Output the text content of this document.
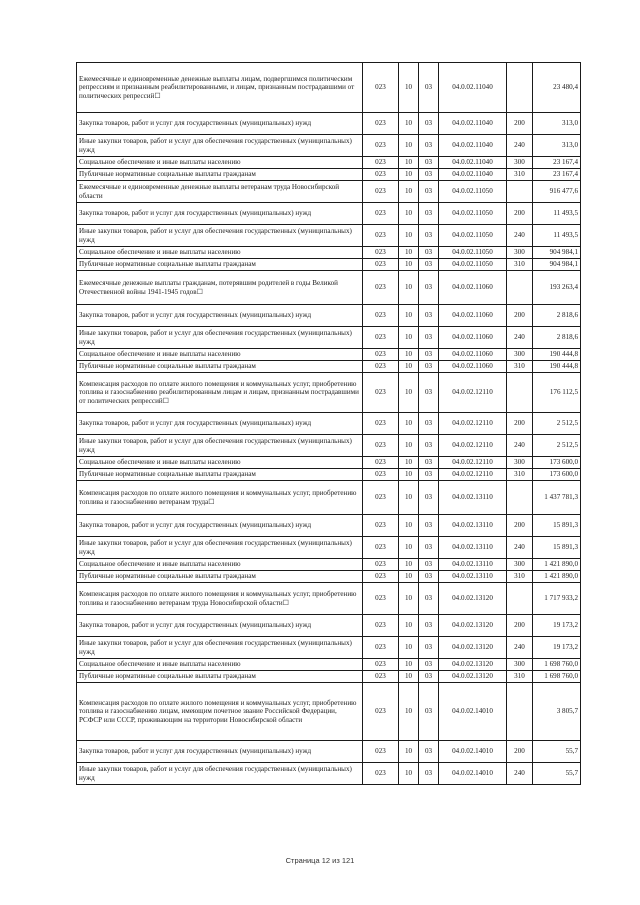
Ежемесячные и единовременные денежные выплаты лицам, подвергшимся политическим репрессиям и признанным реабилитированными, и лицам, признанным пострадавшими от политических репрессий☐	023	10	03	04.0.02.11040		23 480,4
Закупка товаров, работ и услуг для государственных (муниципальных) нужд	023	10	03	04.0.02.11040	200	313,0
Иные закупки товаров, работ и услуг для обеспечения государственных (муниципальных) нужд	023	10	03	04.0.02.11040	240	313,0
Социальное обеспечение и иные выплаты населению	023	10	03	04.0.02.11040	300	23 167,4
Публичные нормативные социальные выплаты гражданам	023	10	03	04.0.02.11040	310	23 167,4
Ежемесячные и единовременные денежные выплаты ветеранам труда Новосибирской области	023	10	03	04.0.02.11050		916 477,6
Закупка товаров, работ и услуг для государственных (муниципальных) нужд	023	10	03	04.0.02.11050	200	11 493,5
Иные закупки товаров, работ и услуг для обеспечения государственных (муниципальных) нужд	023	10	03	04.0.02.11050	240	11 493,5
Социальное обеспечение и иные выплаты населению	023	10	03	04.0.02.11050	300	904 984,1
Публичные нормативные социальные выплаты гражданам	023	10	03	04.0.02.11050	310	904 984,1
Ежемесячные денежные выплаты гражданам, потерявшим родителей в годы Великой Отечественной войны 1941-1945 годов☐	023	10	03	04.0.02.11060		193 263,4
Закупка товаров, работ и услуг для государственных (муниципальных) нужд	023	10	03	04.0.02.11060	200	2 818,6
Иные закупки товаров, работ и услуг для обеспечения государственных (муниципальных) нужд	023	10	03	04.0.02.11060	240	2 818,6
Социальное обеспечение и иные выплаты населению	023	10	03	04.0.02.11060	300	190 444,8
Публичные нормативные социальные выплаты гражданам	023	10	03	04.0.02.11060	310	190 444,8
Компенсация расходов по оплате жилого помещения и коммунальных услуг, приобретению топлива и газоснабжению реабилитированным лицам и лицам, признанным пострадавшими от политических репрессий☐	023	10	03	04.0.02.12110		176 112,5
Закупка товаров, работ и услуг для государственных (муниципальных) нужд	023	10	03	04.0.02.12110	200	2 512,5
Иные закупки товаров, работ и услуг для обеспечения государственных (муниципальных) нужд	023	10	03	04.0.02.12110	240	2 512,5
Социальное обеспечение и иные выплаты населению	023	10	03	04.0.02.12110	300	173 600,0
Публичные нормативные социальные выплаты гражданам	023	10	03	04.0.02.12110	310	173 600,0
Компенсация расходов по оплате жилого помещения и коммунальных услуг, приобретению топлива и газоснабжению ветеранам труда☐	023	10	03	04.0.02.13110		1 437 781,3
Закупка товаров, работ и услуг для государственных (муниципальных) нужд	023	10	03	04.0.02.13110	200	15 891,3
Иные закупки товаров, работ и услуг для обеспечения государственных (муниципальных) нужд	023	10	03	04.0.02.13110	240	15 891,3
Социальное обеспечение и иные выплаты населению	023	10	03	04.0.02.13110	300	1 421 890,0
Публичные нормативные социальные выплаты гражданам	023	10	03	04.0.02.13110	310	1 421 890,0
Компенсация расходов по оплате жилого помещения и коммунальных услуг, приобретению топлива и газоснабжению ветеранам труда Новосибирской области☐	023	10	03	04.0.02.13120		1 717 933,2
Закупка товаров, работ и услуг для государственных (муниципальных) нужд	023	10	03	04.0.02.13120	200	19 173,2
Иные закупки товаров, работ и услуг для обеспечения государственных (муниципальных) нужд	023	10	03	04.0.02.13120	240	19 173,2
Социальное обеспечение и иные выплаты населению	023	10	03	04.0.02.13120	300	1 698 760,0
Публичные нормативные социальные выплаты гражданам	023	10	03	04.0.02.13120	310	1 698 760,0
Компенсация расходов по оплате жилого помещения и коммунальных услуг, приобретению топлива и газоснабжению лицам, имеющим почетное звание Российской Федерации, РСФСР или СССР, проживающим на территории Новосибирской области	023	10	03	04.0.02.14010		3 805,7
Закупка товаров, работ и услуг для государственных (муниципальных) нужд	023	10	03	04.0.02.14010	200	55,7
Иные закупки товаров, работ и услуг для обеспечения государственных (муниципальных) нужд	023	10	03	04.0.02.14010	240	55,7
Страница 12 из 121
